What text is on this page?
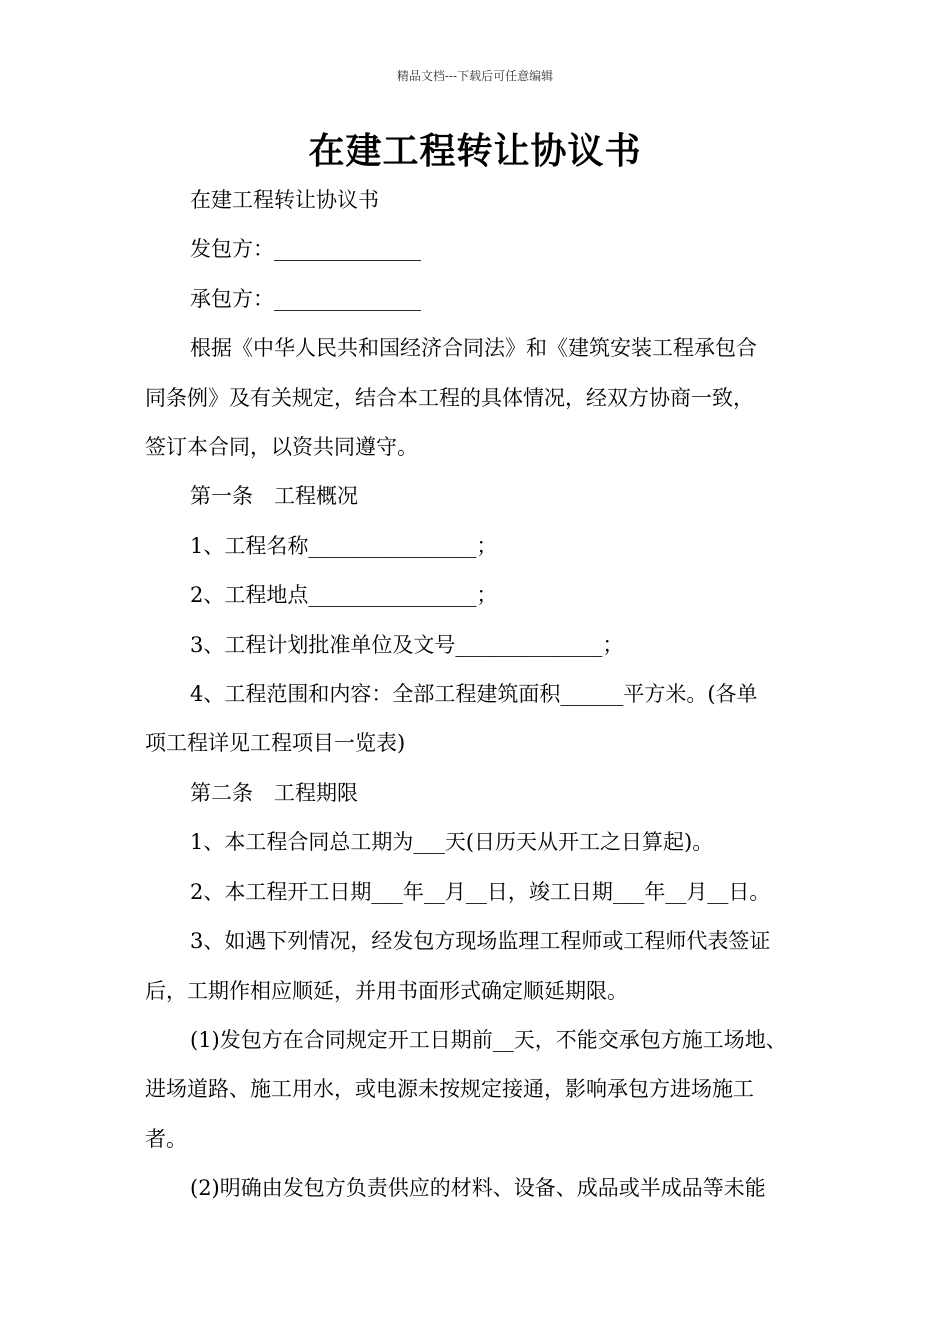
精品文档---下载后可任意编辑
在建工程转让协议书

在建工程转让协议书

发包方：______________

承包方：______________

根据《中华人民共和国经济合同法》和《建筑安装工程承包合

同条例》及有关规定，结合本工程的具体情况，经双方协商一致，

签订本合同，以资共同遵守。

第一条　工程概况

1、工程名称________________；

2、工程地点________________；

3、工程计划批准单位及文号______________；

4、工程范围和内容：全部工程建筑面积______平方米。(各单

项工程详见工程项目一览表)

第二条　工程期限

1、本工程合同总工期为___天(日历天从开工之日算起)。

2、本工程开工日期___年__月__日，竣工日期___年__月__日。

3、如遇下列情况，经发包方现场监理工程师或工程师代表签证

后，工期作相应顺延，并用书面形式确定顺延期限。

(1)发包方在合同规定开工日期前__天，不能交承包方施工场地、

进场道路、施工用水，或电源未按规定接通，影响承包方进场施工

者。

(2)明确由发包方负责供应的材料、设备、成品或半成品等未能
